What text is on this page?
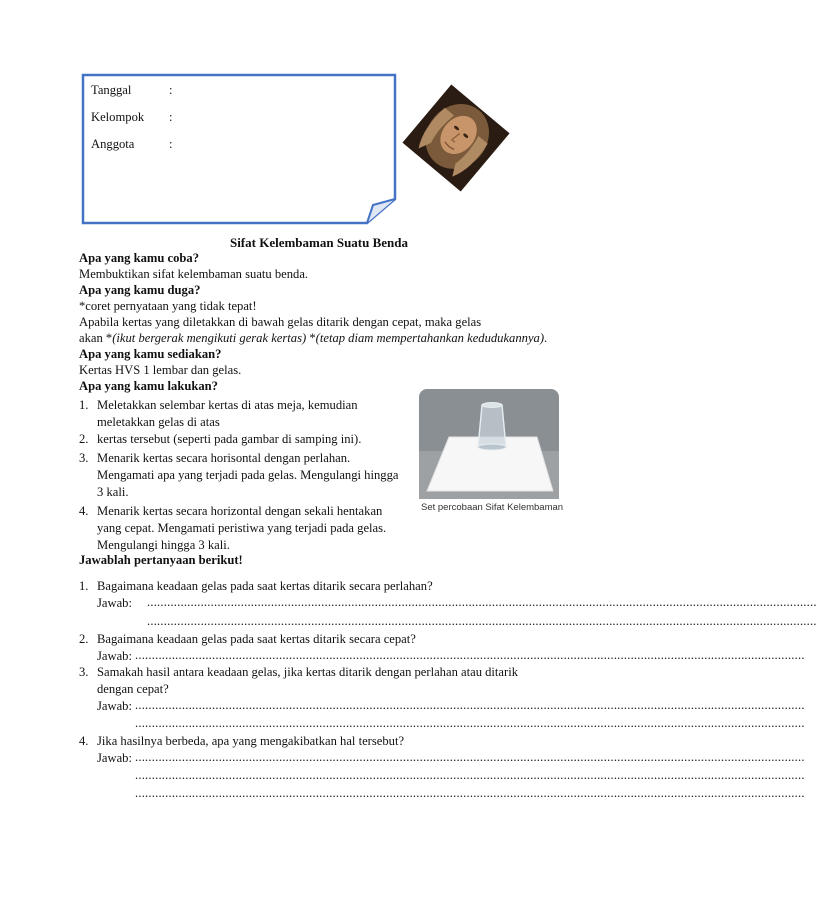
Tanggal	:
Kelompok :
Anggota	:
Sifat Kelembaman Suatu Benda
Apa yang kamu coba?
Membuktikan sifat kelembaman suatu benda.
Apa yang kamu duga?
*coret pernyataan yang tidak tepat!
Apabila kertas yang diletakkan di bawah gelas ditarik dengan cepat, maka gelas
akan *(ikut bergerak mengikuti gerak kertas) *(tetap diam mempertahankan kedudukannya).
Apa yang kamu sediakan?
Kertas HVS 1 lembar dan gelas.
Apa yang kamu lakukan?
1. Meletakkan selembar kertas di atas meja, kemudian
meletakkan gelas di atas
2. kertas tersebut (seperti pada gambar di samping ini).
3. Menarik kertas secara horisontal dengan perlahan.
Mengamati apa yang terjadi pada gelas. Mengulangi hingga
3 kali.
4. Menarik kertas secara horizontal dengan sekali hentakan
yang cepat. Mengamati peristiwa yang terjadi pada gelas.
Mengulangi hingga 3 kali.
Set percobaan Sifat Kelembaman
Jawablah pertanyaan berikut!
1. Bagaimana keadaan gelas pada saat kertas ditarik secara perlahan?
Jawab: ........................................................................................................................................................................................................
........................................................................................................................................................................................................
2. Bagaimana keadaan gelas pada saat kertas ditarik secara cepat?
Jawab: ........................................................................................................................................................................................................
3. Samakah hasil antara keadaan gelas, jika kertas ditarik dengan perlahan atau ditarik
dengan cepat?
Jawab: ........................................................................................................................................................................................................
........................................................................................................................................................................................................
4. Jika hasilnya berbeda, apa yang mengakibatkan hal tersebut?
Jawab: ........................................................................................................................................................................................................
........................................................................................................................................................................................................
........................................................................................................................................................................................................
